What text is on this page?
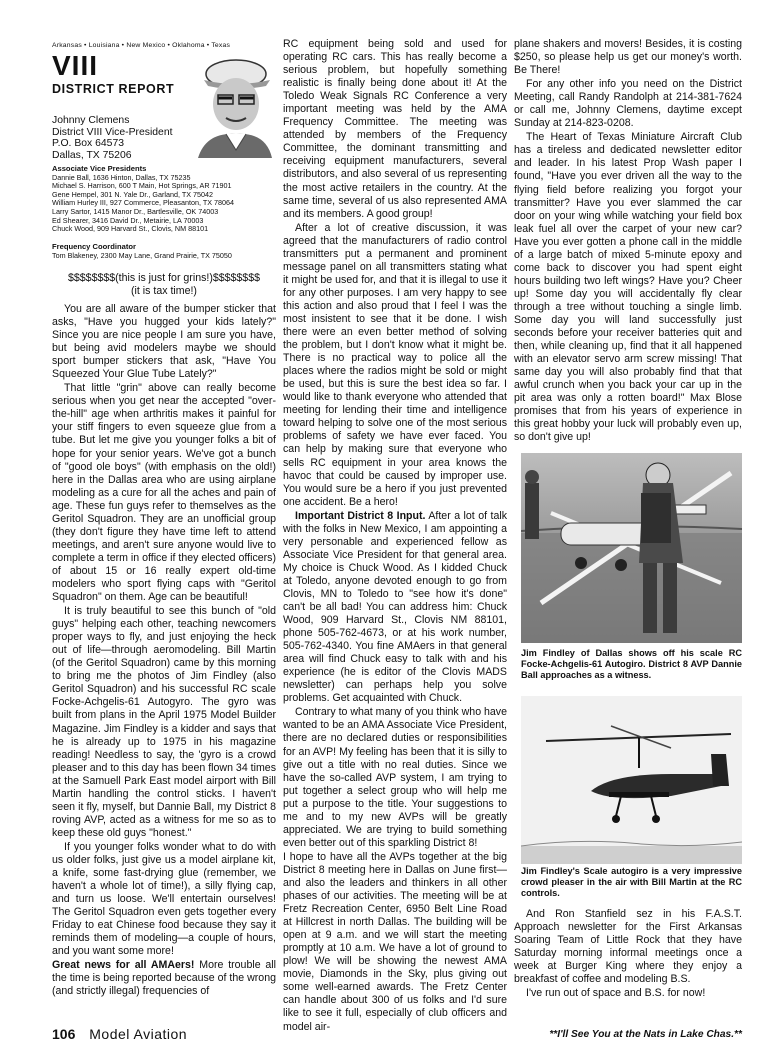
Arkansas • Louisiana • New Mexico • Oklahoma • Texas
VIII
DISTRICT REPORT
Johnny Clemens
District VIII Vice-President
P.O. Box 64573
Dallas, TX 75206
Associate Vice Presidents
Dannie Ball, 1636 Hinton, Dallas, TX 75235
Michael S. Harrison, 600 T Main, Hot Springs, AR 71901
Gene Hempel, 301 N. Yale Dr., Garland, TX 75042
William Hurley III, 927 Commerce, Pleasanton, TX 78064
Larry Sartor, 1415 Manor Dr., Bartlesville, OK 74003
Ed Shearer, 3416 David Dr., Metairie, LA 70003
Chuck Wood, 909 Harvard St., Clovis, NM 88101
Frequency Coordinator
Tom Blakeney, 2300 May Lane, Grand Prairie, TX 75050
$$$$$$$$(this is just for grins!)$$$$$$$$
(it is tax time!)

You are all aware of the bumper sticker that asks, "Have you hugged your kids lately?" Since you are nice people I am sure you have, but being avid modelers maybe we should sport bumper stickers that ask, "Have You Squeezed Your Glue Tube Lately?"

That little "grin" above can really become serious when you get near the accepted "over-the-hill" age when arthritis makes it painful for your stiff fingers to even squeeze glue from a tube. But let me give you younger folks a bit of hope for your senior years. We've got a bunch of "good ole boys" (with emphasis on the old!) here in the Dallas area who are using airplane modeling as a cure for all the aches and pain of age. These fun guys refer to themselves as the Geritol Squadron. They are an unofficial group (they don't figure they have time left to attend meetings, and aren't sure anyone would live to complete a term in office if they elected officers) of about 15 or 16 really expert old-time modelers who sport flying caps with "Geritol Squadron" on them. Age can be beautiful!

It is truly beautiful to see this bunch of "old guys" helping each other, teaching newcomers proper ways to fly, and just enjoying the heck out of life—through aeromodeling. Bill Martin (of the Geritol Squadron) came by this morning to bring me the photos of Jim Findley (also Geritol Squadron) and his successful RC scale Focke-Achgelis-61 Autogyro. The gyro was built from plans in the April 1975 Model Builder Magazine. Jim Findley is a kidder and says that he is already up to 1975 in his magazine reading! Needless to say, the 'gyro is a crowd pleaser and to this day has been flown 34 times at the Samuell Park East model airport with Bill Martin handling the control sticks. I haven't seen it fly, myself, but Dannie Ball, my District 8 roving AVP, acted as a witness for me so as to keep these old guys "honest."

If you younger folks wonder what to do with us older folks, just give us a model airplane kit, a knife, some fast-drying glue (remember, we haven't a whole lot of time!), a silly flying cap, and turn us loose. We'll entertain ourselves! The Geritol Squadron even gets together every Friday to eat Chinese food because they say it reminds them of modeling—a couple of hours, and you want some more!

Great news for all AMAers! More trouble all the time is being reported because of the wrong (and strictly illegal) frequencies of

RC equipment being sold and used for operating RC cars. This has really become a serious problem, but hopefully something realistic is finally being done about it! At the Toledo Weak Signals RC Conference a very important meeting was held by the AMA Frequency Committee. The meeting was attended by members of the Frequency Committee, the dominant transmitting and receiving equipment manufacturers, several distributors, and also several of us representing the most active retailers in the country. At the same time, several of us also represented AMA and its members. A good group!

After a lot of creative discussion, it was agreed that the manufacturers of radio control transmitters put a permanent and prominent message panel on all transmitters stating what it might be used for, and that it is illegal to use it for any other purposes. I am very happy to see this action and also proud that I feel I was the most insistent to see that it be done. I wish there were an even better method of solving the problem, but I don't know what it might be. There is no practical way to police all the places where the radios might be sold or might be used, but this is sure the best idea so far. I would like to thank everyone who attended that meeting for lending their time and intelligence toward helping to solve one of the most serious problems of safety we have ever faced. You can help by making sure that everyone who sells RC equipment in your area knows the havoc that could be caused by improper use. You would sure be a hero if you just prevented one accident. Be a hero!

Important District 8 Input. After a lot of talk with the folks in New Mexico, I am appointing a very personable and experienced fellow as Associate Vice President for that general area. My choice is Chuck Wood. As I kidded Chuck at Toledo, anyone devoted enough to go from Clovis, MN to Toledo to "see how it's done" can't be all bad! You can address him: Chuck Wood, 909 Harvard St., Clovis NM 88101, phone 505-762-4673, or at his work number, 505-762-4340. You fine AMAers in that general area will find Chuck easy to talk with and his experience (he is editor of the Clovis MADS newsletter) can perhaps help you solve problems. Get acquainted with Chuck.

Contrary to what many of you think who have wanted to be an AMA Associate Vice President, there are no declared duties or responsibilities for an AVP! My feeling has been that it is silly to give out a title with no real duties. Since we have the so-called AVP system, I am trying to put together a select group who will help me put a purpose to the title. Your suggestions to me and to my new AVPs will be greatly appreciated. We are trying to build something even better out of this sparkling District 8!

I hope to have all the AVPs together at the big District 8 meeting here in Dallas on June first—and also the leaders and thinkers in all other phases of our activities. The meeting will be at Fretz Recreation Center, 6950 Belt Line Road at Hillcrest in north Dallas. The building will be open at 9 a.m. and we will start the meeting promptly at 10 a.m. We have a lot of ground to plow! We will be showing the newest AMA movie, Diamonds in the Sky, plus giving out some well-earned awards. The Fretz Center can handle about 300 of us folks and I'd sure like to see it full, especially of club officers and model air-

plane shakers and movers! Besides, it is costing $250, so please help us get our money's worth. Be There!

For any other info you need on the District Meeting, call Randy Randolph at 214-381-7624 or call me, Johnny Clemens, daytime except Sunday at 214-823-0208.

The Heart of Texas Miniature Aircraft Club has a tireless and dedicated newsletter editor and leader. In his latest Prop Wash paper I found, "Have you ever driven all the way to the flying field before realizing you forgot your transmitter? Have you ever slammed the car door on your wing while watching your field box leak fuel all over the carpet of your new car? Have you ever gotten a phone call in the middle of a large batch of mixed 5-minute epoxy and come back to discover you had spent eight hours building two left wings? Have you? Cheer up! Some day you will accidentally fly clear through a tree without touching a single limb. Some day you will land successfully just seconds before your receiver batteries quit and then, while cleaning up, find that it all happened with an elevator servo arm screw missing! That same day you will also probably find that that awful crunch when you back your car up in the pit area was only a rotten board!" Max Blose promises that from his years of experience in this great hobby your luck will probably even up, so don't give up!

Jim Findley of Dallas shows off his scale RC Focke-Achgelis-61 Autogiro. District 8 AVP Dannie Ball approaches as a witness.
Jim Findley's Scale autogiro is a very impressive crowd pleaser in the air with Bill Martin at the RC controls.

And Ron Stanfield sez in his F.A.S.T. Approach newsletter for the First Arkansas Soaring Team of Little Rock that they have Saturday morning informal meetings once a week at Burger King where they enjoy a breakfast of coffee and modeling B.S.

I've run out of space and B.S. for now!

**I'll See You at the Nats in Lake Chas.**
106 Model Aviation
